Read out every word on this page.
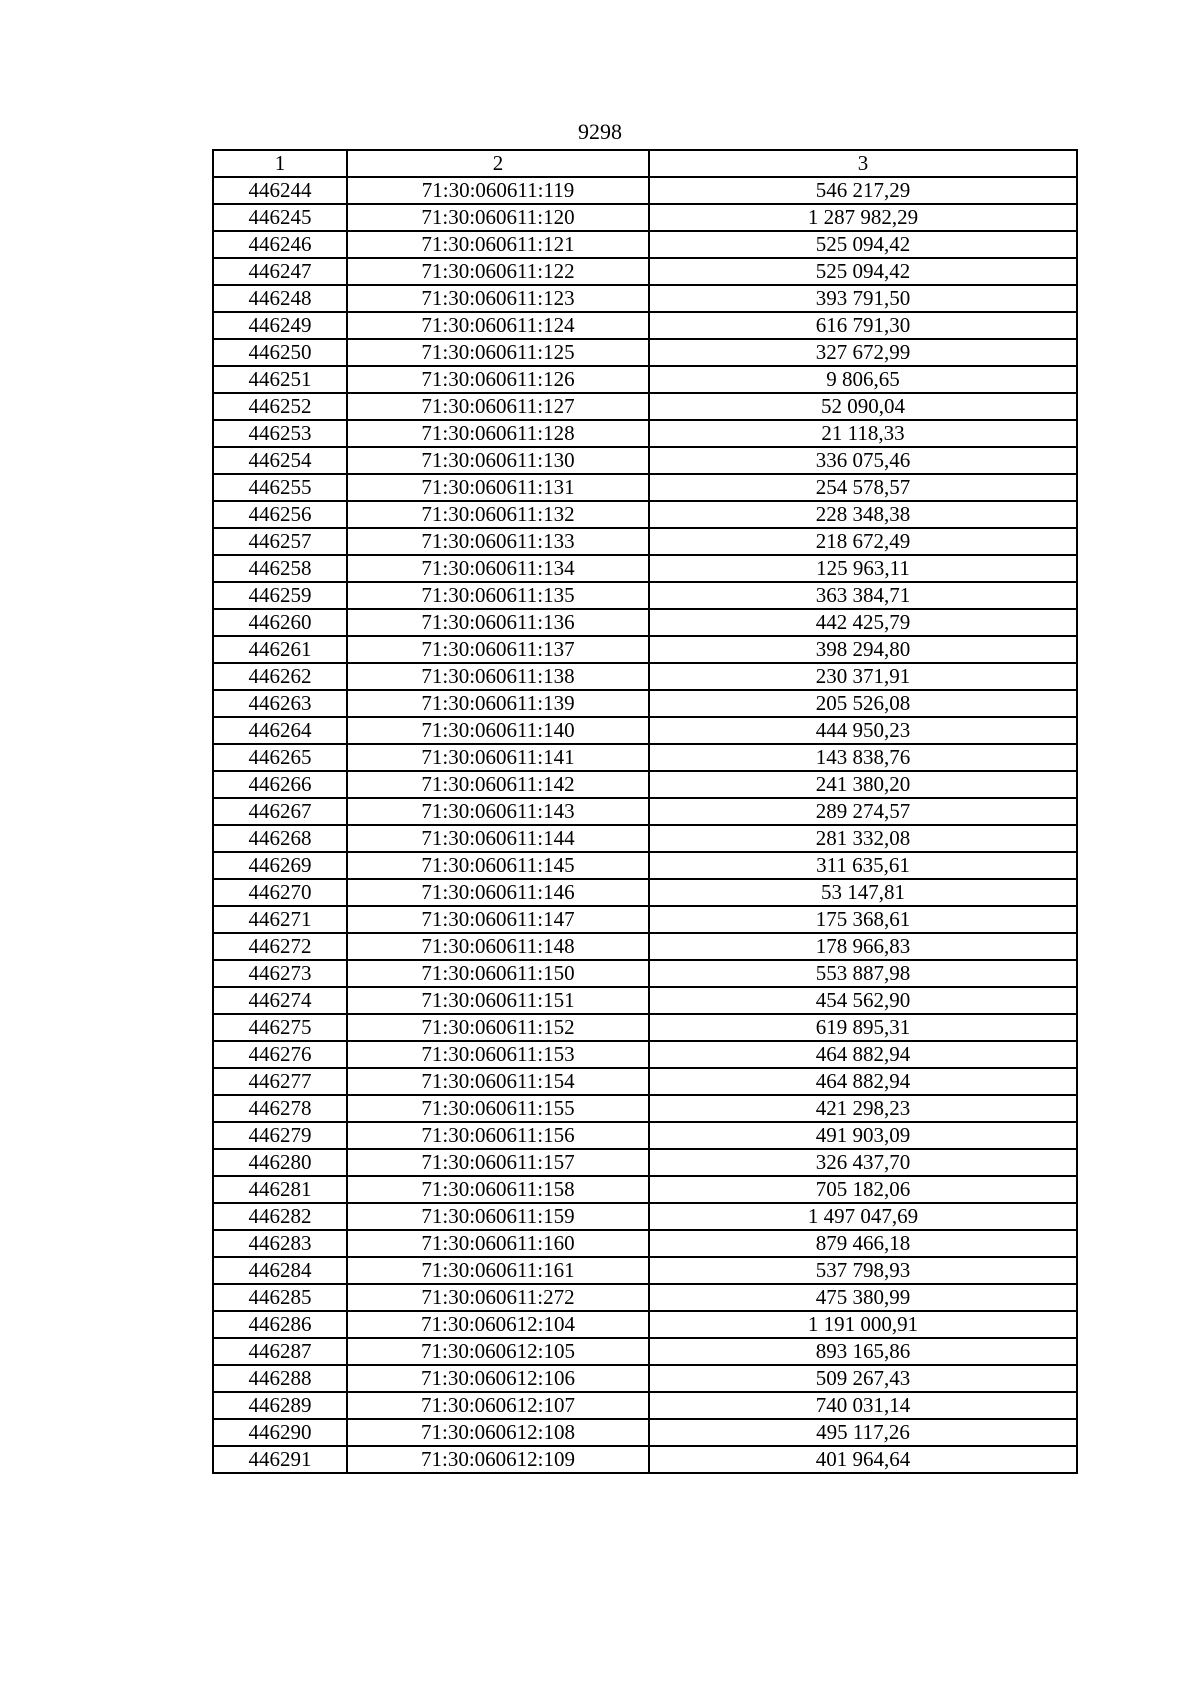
9298
1	2	3
446244	71:30:060611:119	546 217,29
446245	71:30:060611:120	1 287 982,29
446246	71:30:060611:121	525 094,42
446247	71:30:060611:122	525 094,42
446248	71:30:060611:123	393 791,50
446249	71:30:060611:124	616 791,30
446250	71:30:060611:125	327 672,99
446251	71:30:060611:126	9 806,65
446252	71:30:060611:127	52 090,04
446253	71:30:060611:128	21 118,33
446254	71:30:060611:130	336 075,46
446255	71:30:060611:131	254 578,57
446256	71:30:060611:132	228 348,38
446257	71:30:060611:133	218 672,49
446258	71:30:060611:134	125 963,11
446259	71:30:060611:135	363 384,71
446260	71:30:060611:136	442 425,79
446261	71:30:060611:137	398 294,80
446262	71:30:060611:138	230 371,91
446263	71:30:060611:139	205 526,08
446264	71:30:060611:140	444 950,23
446265	71:30:060611:141	143 838,76
446266	71:30:060611:142	241 380,20
446267	71:30:060611:143	289 274,57
446268	71:30:060611:144	281 332,08
446269	71:30:060611:145	311 635,61
446270	71:30:060611:146	53 147,81
446271	71:30:060611:147	175 368,61
446272	71:30:060611:148	178 966,83
446273	71:30:060611:150	553 887,98
446274	71:30:060611:151	454 562,90
446275	71:30:060611:152	619 895,31
446276	71:30:060611:153	464 882,94
446277	71:30:060611:154	464 882,94
446278	71:30:060611:155	421 298,23
446279	71:30:060611:156	491 903,09
446280	71:30:060611:157	326 437,70
446281	71:30:060611:158	705 182,06
446282	71:30:060611:159	1 497 047,69
446283	71:30:060611:160	879 466,18
446284	71:30:060611:161	537 798,93
446285	71:30:060611:272	475 380,99
446286	71:30:060612:104	1 191 000,91
446287	71:30:060612:105	893 165,86
446288	71:30:060612:106	509 267,43
446289	71:30:060612:107	740 031,14
446290	71:30:060612:108	495 117,26
446291	71:30:060612:109	401 964,64
